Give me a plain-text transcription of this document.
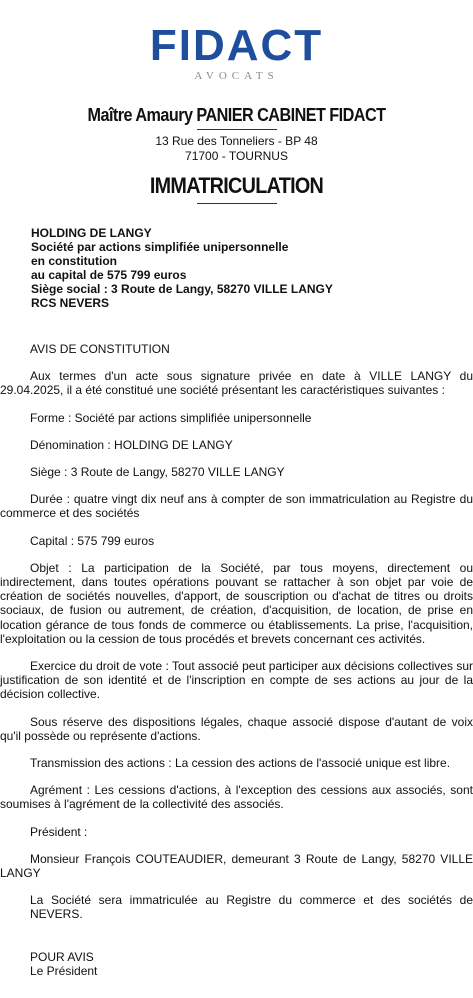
FIDACT
AVOCATS
Maître Amaury PANIER CABINET FIDACT
13 Rue des Tonneliers - BP 48
71700 - TOURNUS
IMMATRICULATION
HOLDING DE LANGY
Société par actions simplifiée unipersonnelle
en constitution
au capital de 575 799 euros
Siège social : 3 Route de Langy, 58270 VILLE LANGY
RCS NEVERS

AVIS DE CONSTITUTION

Aux termes d'un acte sous signature privée en date à VILLE LANGY du 29.04.2025, il a été constitué une société présentant les caractéristiques suivantes :

Forme : Société par actions simplifiée unipersonnelle

Dénomination : HOLDING DE LANGY

Siège : 3 Route de Langy, 58270 VILLE LANGY

Durée : quatre vingt dix neuf ans à compter de son immatriculation au Registre du commerce et des sociétés

Capital : 575 799 euros

Objet : La participation de la Société, par tous moyens, directement ou indirectement, dans toutes opérations pouvant se rattacher à son objet par voie de création de sociétés nouvelles, d'apport, de souscription ou d'achat de titres ou droits sociaux, de fusion ou autrement, de création, d'acquisition, de location, de prise en location gérance de tous fonds de commerce ou établissements. La prise, l'acquisition, l'exploitation ou la cession de tous procédés et brevets concernant ces activités.

Exercice du droit de vote : Tout associé peut participer aux décisions collectives sur justification de son identité et de l'inscription en compte de ses actions au jour de la décision collective.

Sous réserve des dispositions légales, chaque associé dispose d'autant de voix qu'il possède ou représente d'actions.

Transmission des actions : La cession des actions de l'associé unique est libre.

Agrément : Les cessions d'actions, à l'exception des cessions aux associés, sont soumises à l'agrément de la collectivité des associés.

Président :

Monsieur François COUTEAUDIER, demeurant 3 Route de Langy, 58270 VILLE LANGY

La Société sera immatriculée au Registre du commerce et des sociétés de NEVERS.

POUR AVIS

Le Président
